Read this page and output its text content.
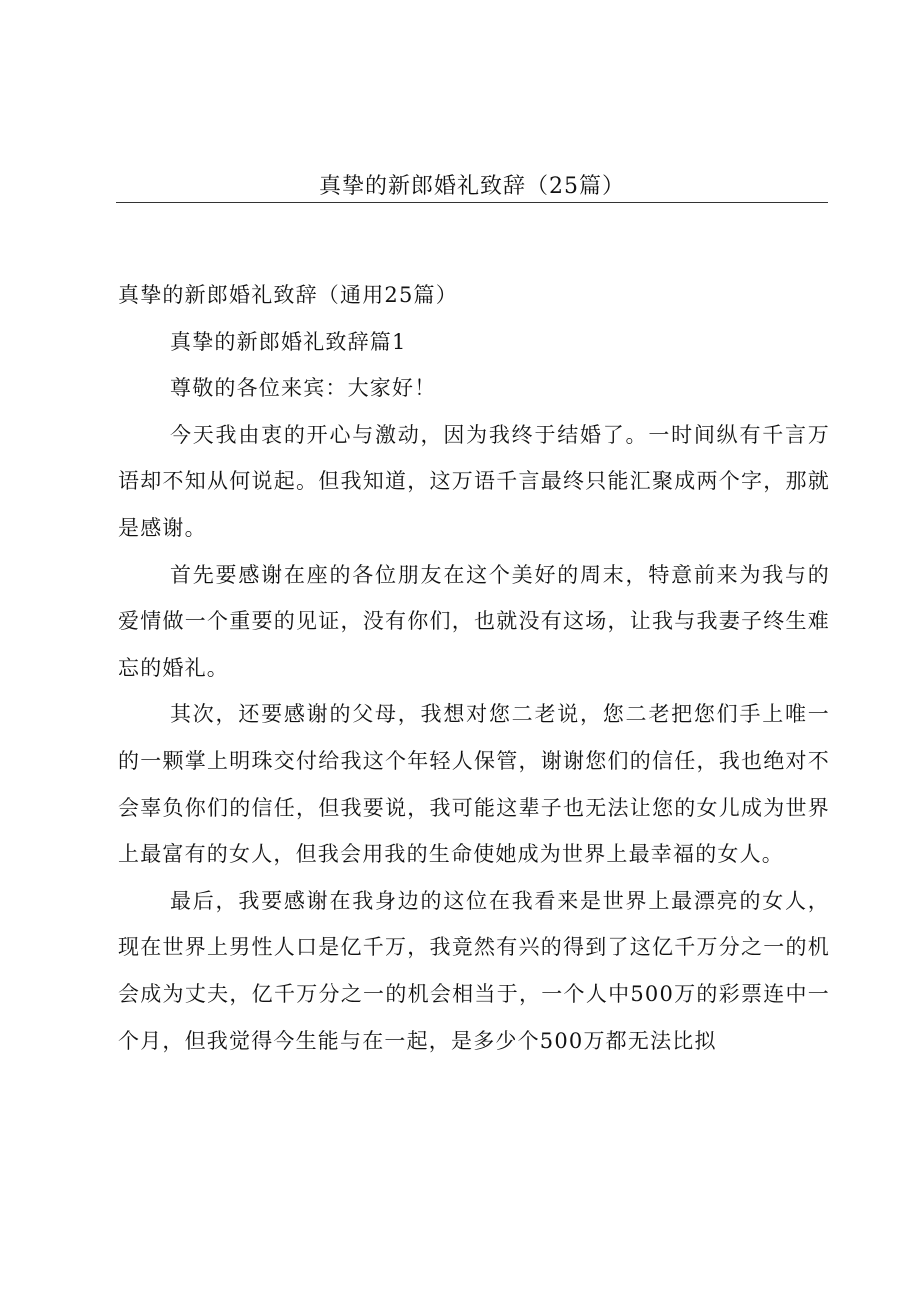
真挚的新郎婚礼致辞（25篇）

真挚的新郎婚礼致辞（通用25篇）

真挚的新郎婚礼致辞篇1

尊敬的各位来宾：大家好！

今天我由衷的开心与激动，因为我终于结婚了。一时间纵有千言万语却不知从何说起。但我知道，这万语千言最终只能汇聚成两个字，那就是感谢。

首先要感谢在座的各位朋友在这个美好的周末，特意前来为我与的爱情做一个重要的见证，没有你们，也就没有这场，让我与我妻子终生难忘的婚礼。

其次，还要感谢的父母，我想对您二老说，您二老把您们手上唯一的一颗掌上明珠交付给我这个年轻人保管，谢谢您们的信任，我也绝对不会辜负你们的信任，但我要说，我可能这辈子也无法让您的女儿成为世界上最富有的女人，但我会用我的生命使她成为世界上最幸福的女人。

最后，我要感谢在我身边的这位在我看来是世界上最漂亮的女人，现在世界上男性人口是亿千万，我竟然有兴的得到了这亿千万分之一的机会成为丈夫，亿千万分之一的机会相当于，一个人中500万的彩票连中一个月，但我觉得今生能与在一起，是多少个500万都无法比拟
